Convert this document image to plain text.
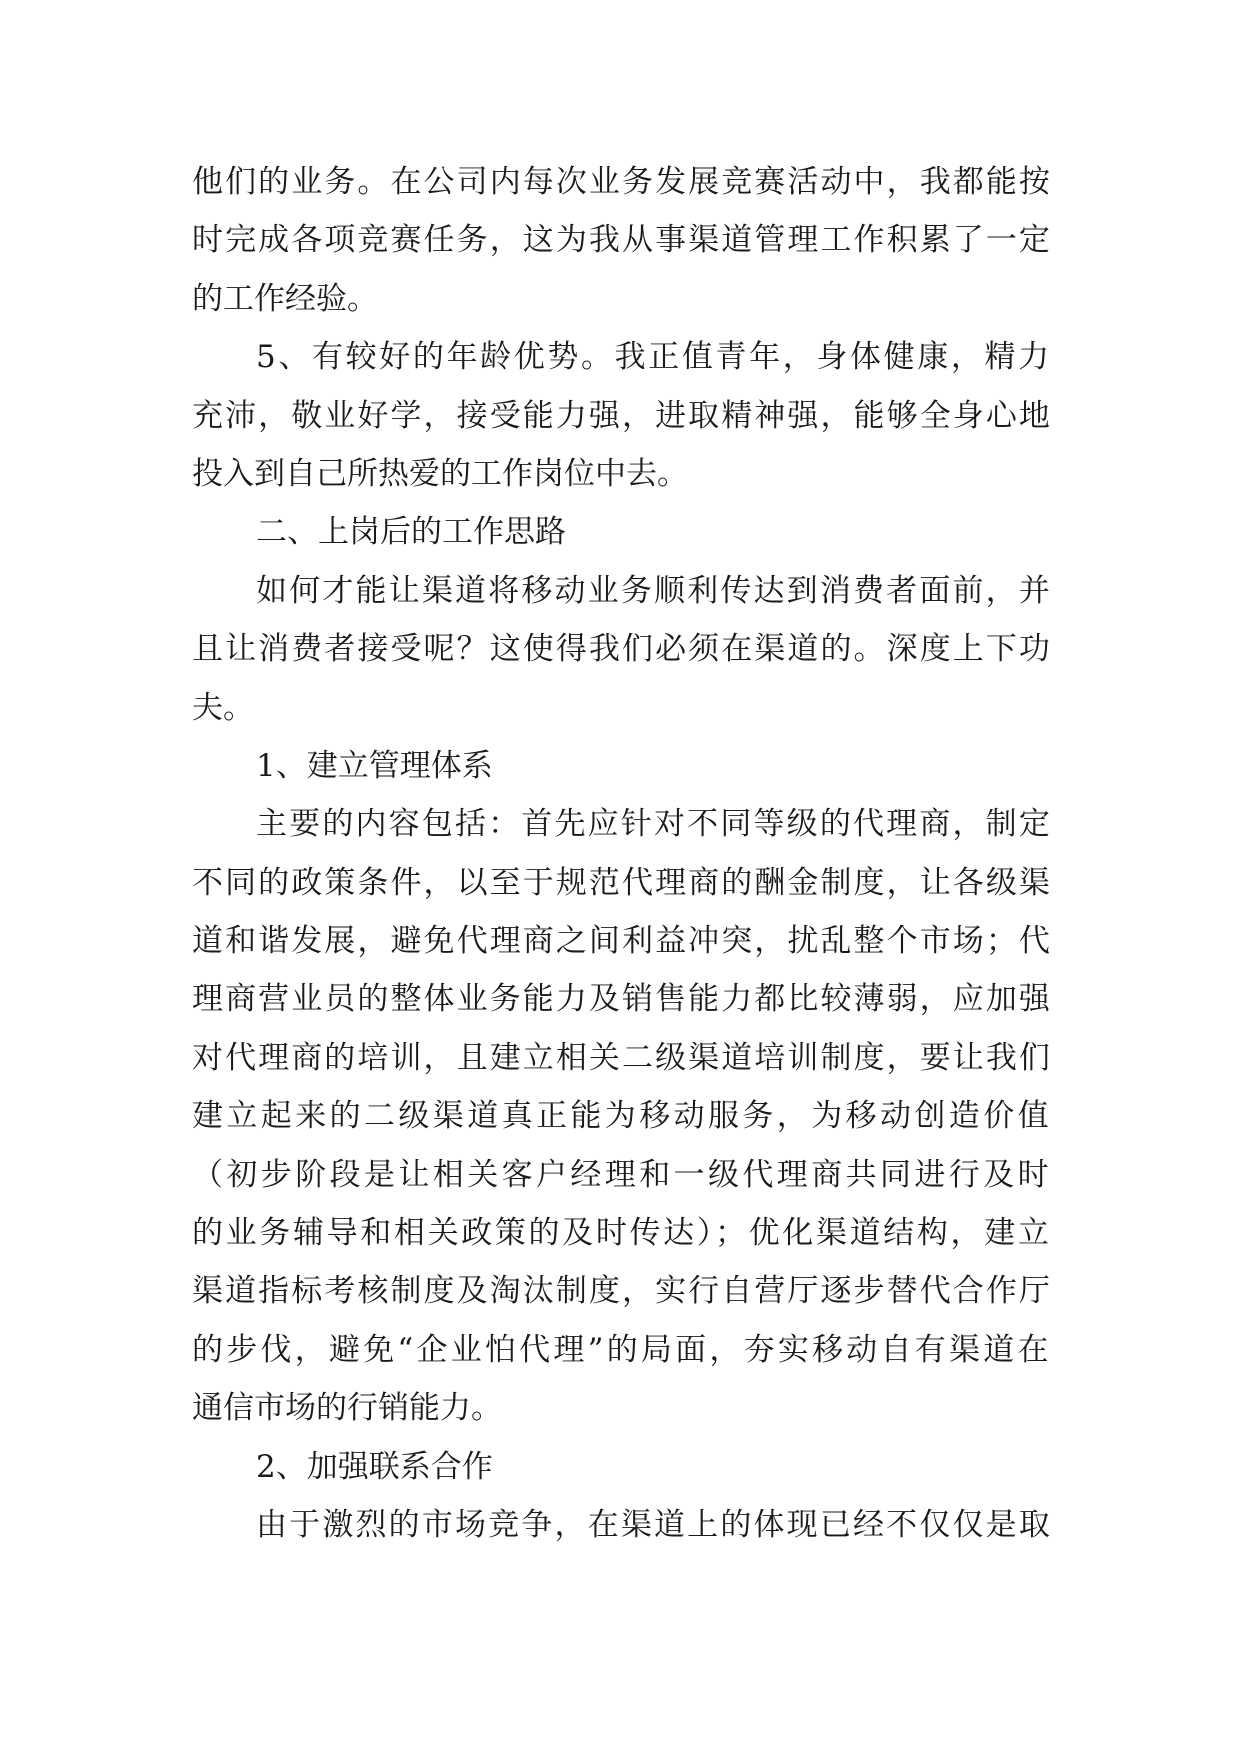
他们的业务。在公司内每次业务发展竞赛活动中，我都能按
时完成各项竞赛任务，这为我从事渠道管理工作积累了一定
的工作经验。
5、有较好的年龄优势。我正值青年，身体健康，精力
充沛，敬业好学，接受能力强，进取精神强，能够全身心地
投入到自己所热爱的工作岗位中去。
二、上岗后的工作思路
如何才能让渠道将移动业务顺利传达到消费者面前，并
且让消费者接受呢？这使得我们必须在渠道的。深度上下功
夫。
1、建立管理体系
主要的内容包括：首先应针对不同等级的代理商，制定
不同的政策条件，以至于规范代理商的酬金制度，让各级渠
道和谐发展，避免代理商之间利益冲突，扰乱整个市场；代
理商营业员的整体业务能力及销售能力都比较薄弱，应加强
对代理商的培训，且建立相关二级渠道培训制度，要让我们
建立起来的二级渠道真正能为移动服务，为移动创造价值
（初步阶段是让相关客户经理和一级代理商共同进行及时
的业务辅导和相关政策的及时传达）；优化渠道结构，建立
渠道指标考核制度及淘汰制度，实行自营厅逐步替代合作厅
的步伐，避免“企业怕代理”的局面，夯实移动自有渠道在
通信市场的行销能力。
2、加强联系合作
由于激烈的市场竞争，在渠道上的体现已经不仅仅是取
